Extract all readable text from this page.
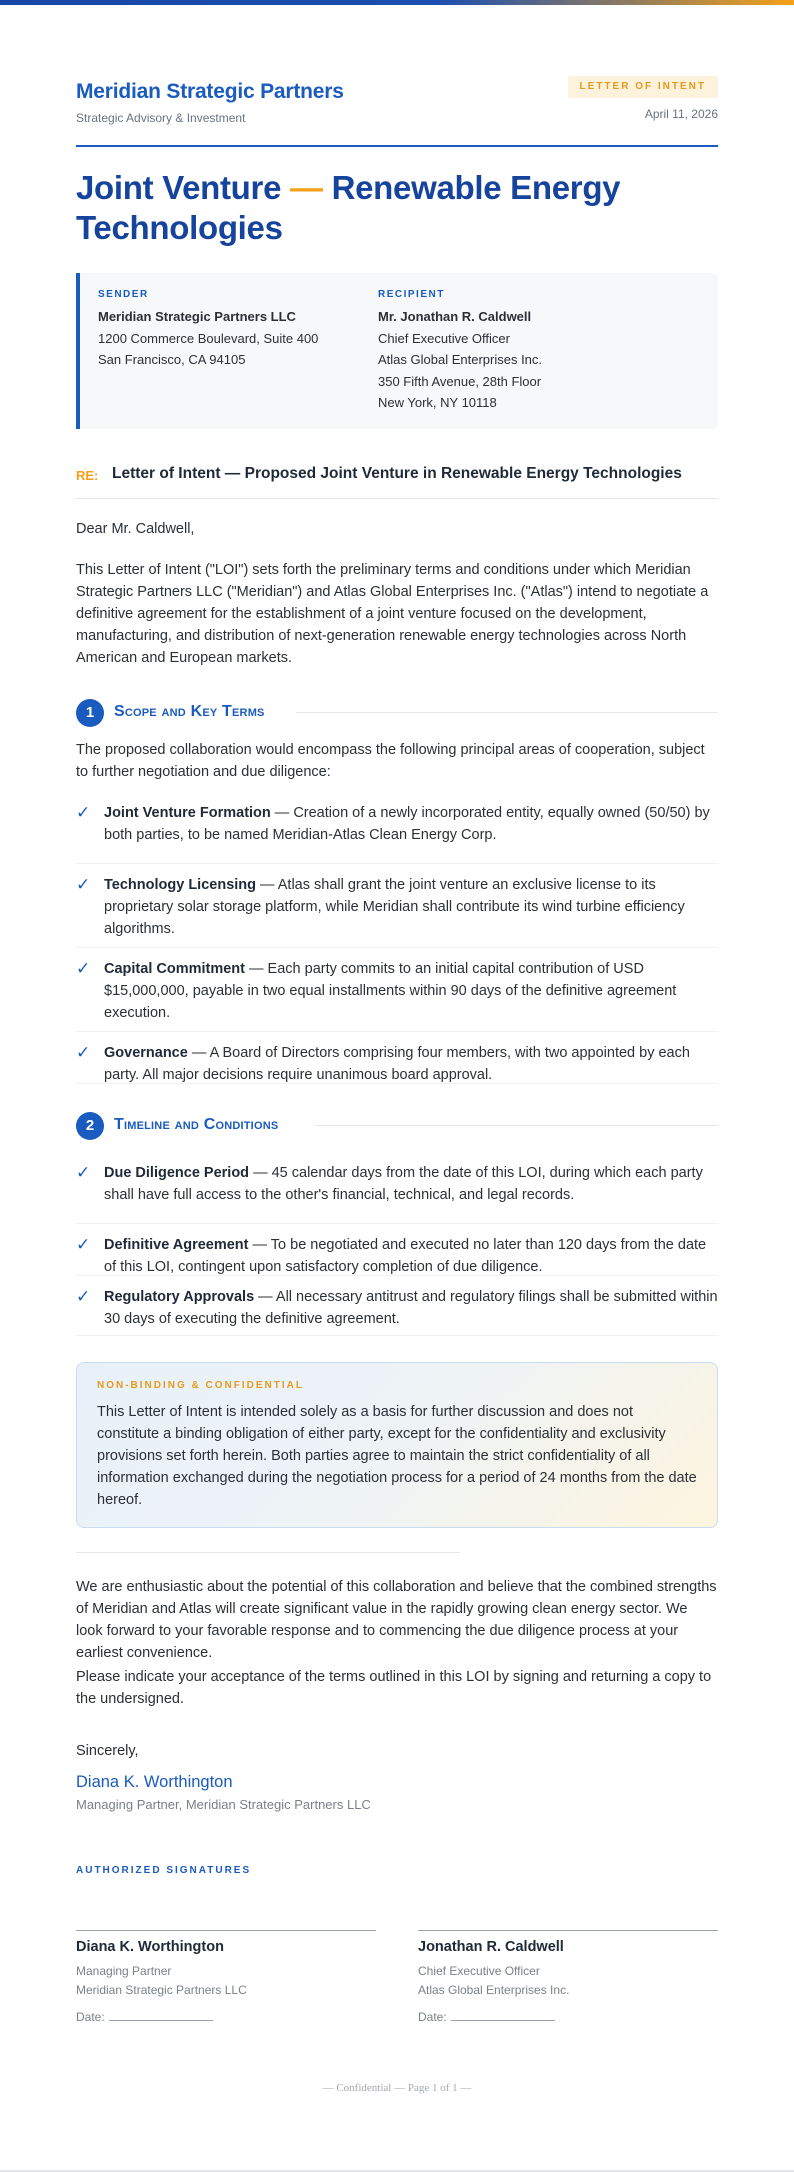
Meridian Strategic Partners
Strategic Advisory & Investment
LETTER OF INTENT
April 11, 2026
Joint Venture — Renewable Energy Technologies
SENDER
Meridian Strategic Partners LLC
1200 Commerce Boulevard, Suite 400
San Francisco, CA 94105
RECIPIENT
Mr. Jonathan R. Caldwell
Chief Executive Officer
Atlas Global Enterprises Inc.
350 Fifth Avenue, 28th Floor
New York, NY 10118
RE: Letter of Intent — Proposed Joint Venture in Renewable Energy Technologies
Dear Mr. Caldwell,

This Letter of Intent ("LOI") sets forth the preliminary terms and conditions under which Meridian Strategic Partners LLC ("Meridian") and Atlas Global Enterprises Inc. ("Atlas") intend to negotiate a definitive agreement for the establishment of a joint venture focused on the development, manufacturing, and distribution of next-generation renewable energy technologies across North American and European markets.

1	Scope and Key Terms

The proposed collaboration would encompass the following principal areas of cooperation, subject to further negotiation and due diligence:

✓ Joint Venture Formation — Creation of a newly incorporated entity, equally owned (50/50) by both parties, to be named Meridian-Atlas Clean Energy Corp.
✓ Technology Licensing — Atlas shall grant the joint venture an exclusive license to its proprietary solar storage platform, while Meridian shall contribute its wind turbine efficiency algorithms.
✓ Capital Commitment — Each party commits to an initial capital contribution of USD $15,000,000, payable in two equal installments within 90 days of the definitive agreement execution.
✓ Governance — A Board of Directors comprising four members, with two appointed by each party. All major decisions require unanimous board approval.
2	Timeline and Conditions
✓ Due Diligence Period — 45 calendar days from the date of this LOI, during which each party shall have full access to the other's financial, technical, and legal records.
✓ Definitive Agreement — To be negotiated and executed no later than 120 days from the date of this LOI, contingent upon satisfactory completion of due diligence.
✓ Regulatory Approvals — All necessary antitrust and regulatory filings shall be submitted within 30 days of executing the definitive agreement.
NON-BINDING & CONFIDENTIAL

This Letter of Intent is intended solely as a basis for further discussion and does not constitute a binding obligation of either party, except for the confidentiality and exclusivity provisions set forth herein. Both parties agree to maintain the strict confidentiality of all information exchanged during the negotiation process for a period of 24 months from the date hereof.

We are enthusiastic about the potential of this collaboration and believe that the combined strengths of Meridian and Atlas will create significant value in the rapidly growing clean energy sector. We look forward to your favorable response and to commencing the due diligence process at your earliest convenience.

Please indicate your acceptance of the terms outlined in this LOI by signing and returning a copy to the undersigned.

Sincerely,
Diana K. Worthington
Managing Partner, Meridian Strategic Partners LLC
AUTHORIZED SIGNATURES
Diana K. Worthington
Managing Partner
Meridian Strategic Partners LLC
Date:
Jonathan R. Caldwell
Chief Executive Officer
Atlas Global Enterprises Inc.
Date:
— Confidential — Page 1 of 1 —
